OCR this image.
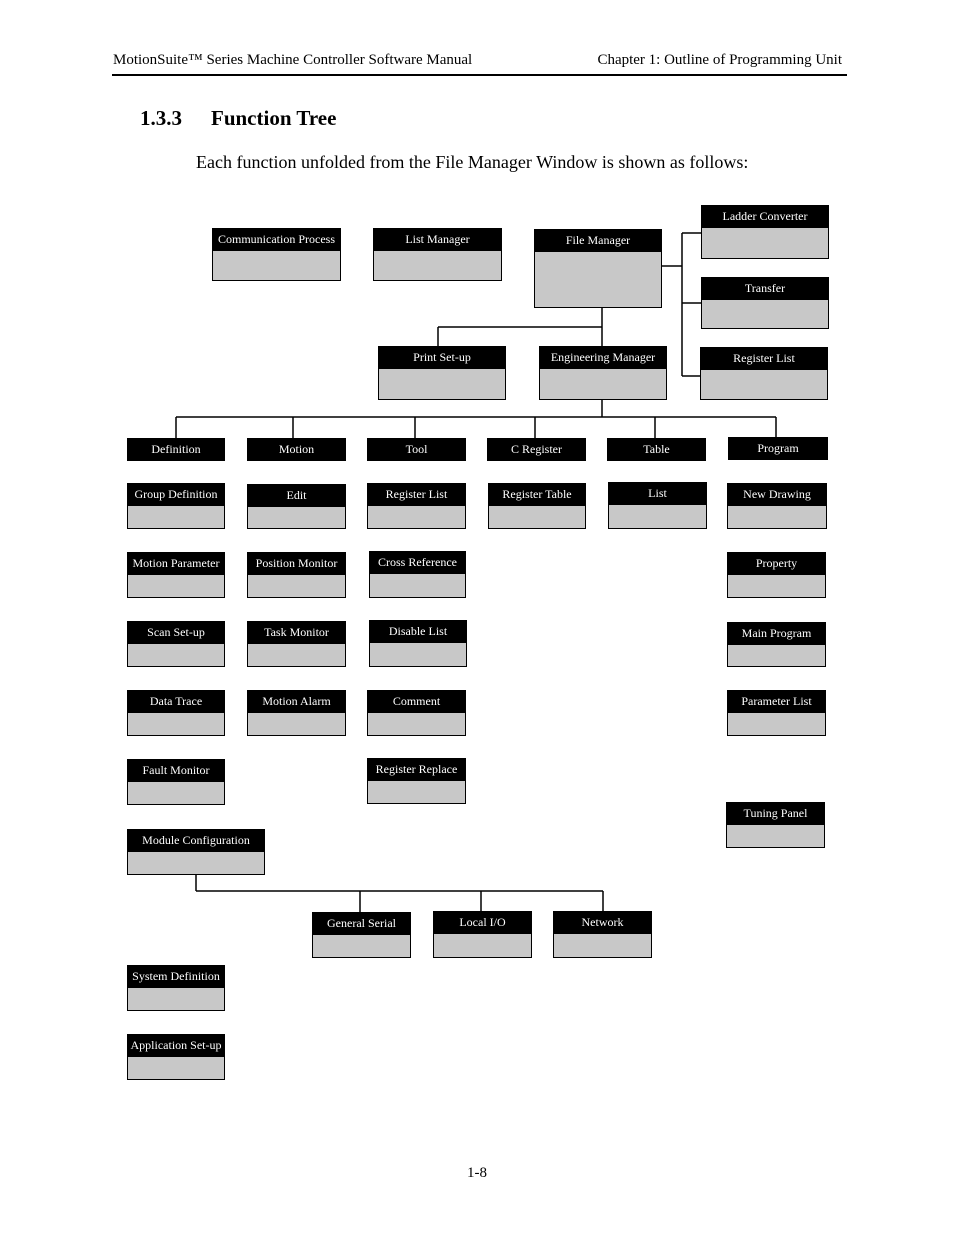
MotionSuite™ Series Machine Controller Software Manual	Chapter 1: Outline of Programming Unit
1.3.3 Function Tree
Each function unfolded from the File Manager Window is shown as follows:
Communication Process	List Manager	File Manager
Ladder Converter
Transfer
Register List
Print Set-up	Engineering Manager
Definition	Motion	Tool	C Register	Table	Program
Group Definition
Motion Parameter
Scan Set-up
Data Trace
Fault Monitor
Module Configuration
System Definition
Application Set-up
Edit
Position Monitor
Task Monitor
Motion Alarm
Register List
Cross Reference
Disable List
Comment
Register Replace
Register Table	List	New Drawing
Property
Main Program
Parameter List
Tuning Panel
General Serial	Local I/O	Network
1-8
